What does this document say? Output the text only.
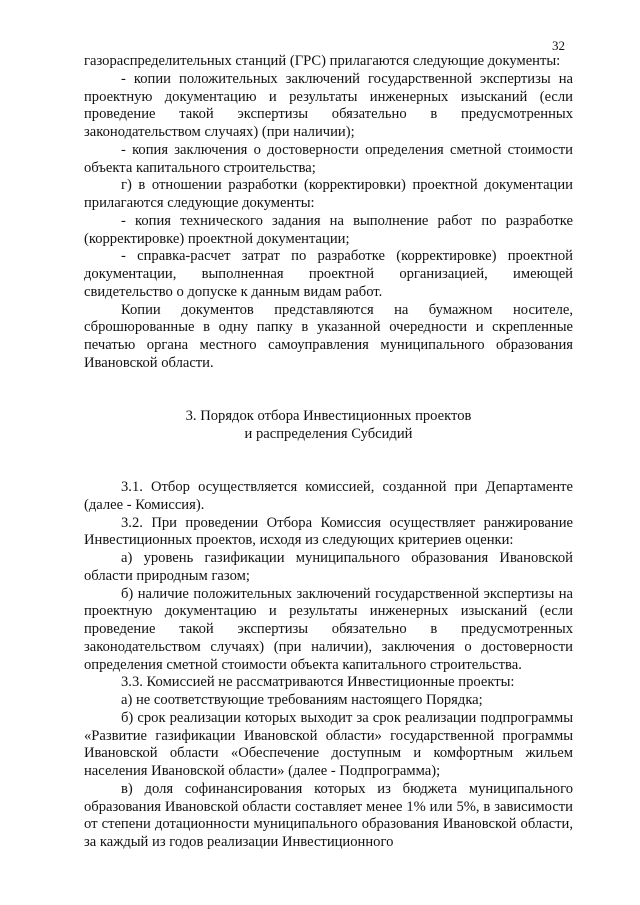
32

газораспределительных станций (ГРС) прилагаются следующие документы:

- копии положительных заключений государственной экспертизы на проектную документацию и результаты инженерных изысканий (если проведение такой экспертизы обязательно в предусмотренных законодательством случаях) (при наличии);

- копия заключения о достоверности определения сметной стоимости объекта капитального строительства;

г) в отношении разработки (корректировки) проектной документации прилагаются следующие документы:

- копия технического задания на выполнение работ по разработке (корректировке) проектной документации;

- справка-расчет затрат по разработке (корректировке) проектной документации, выполненная проектной организацией, имеющей свидетельство о допуске к данным видам работ.

Копии документов представляются на бумажном носителе, сброшюрованные в одну папку в указанной очередности и скрепленные печатью органа местного самоуправления муниципального образования Ивановской области.

3. Порядок отбора Инвестиционных проектов

и распределения Субсидий

3.1. Отбор осуществляется комиссией, созданной при Департаменте (далее - Комиссия).

3.2. При проведении Отбора Комиссия осуществляет ранжирование Инвестиционных проектов, исходя из следующих критериев оценки:

а) уровень газификации муниципального образования Ивановской области природным газом;

б) наличие положительных заключений государственной экспертизы на проектную документацию и результаты инженерных изысканий (если проведение такой экспертизы обязательно в предусмотренных законодательством случаях) (при наличии), заключения о достоверности определения сметной стоимости объекта капитального строительства.

3.3. Комиссией не рассматриваются Инвестиционные проекты:

а) не соответствующие требованиям настоящего Порядка;

б) срок реализации которых выходит за срок реализации подпрограммы «Развитие газификации Ивановской области» государственной программы Ивановской области «Обеспечение доступным и комфортным жильем населения Ивановской области» (далее - Подпрограмма);

в) доля софинансирования которых из бюджета муниципального образования Ивановской области составляет менее 1% или 5%, в зависимости от степени дотационности муниципального образования Ивановской области, за каждый из годов реализации Инвестиционного
